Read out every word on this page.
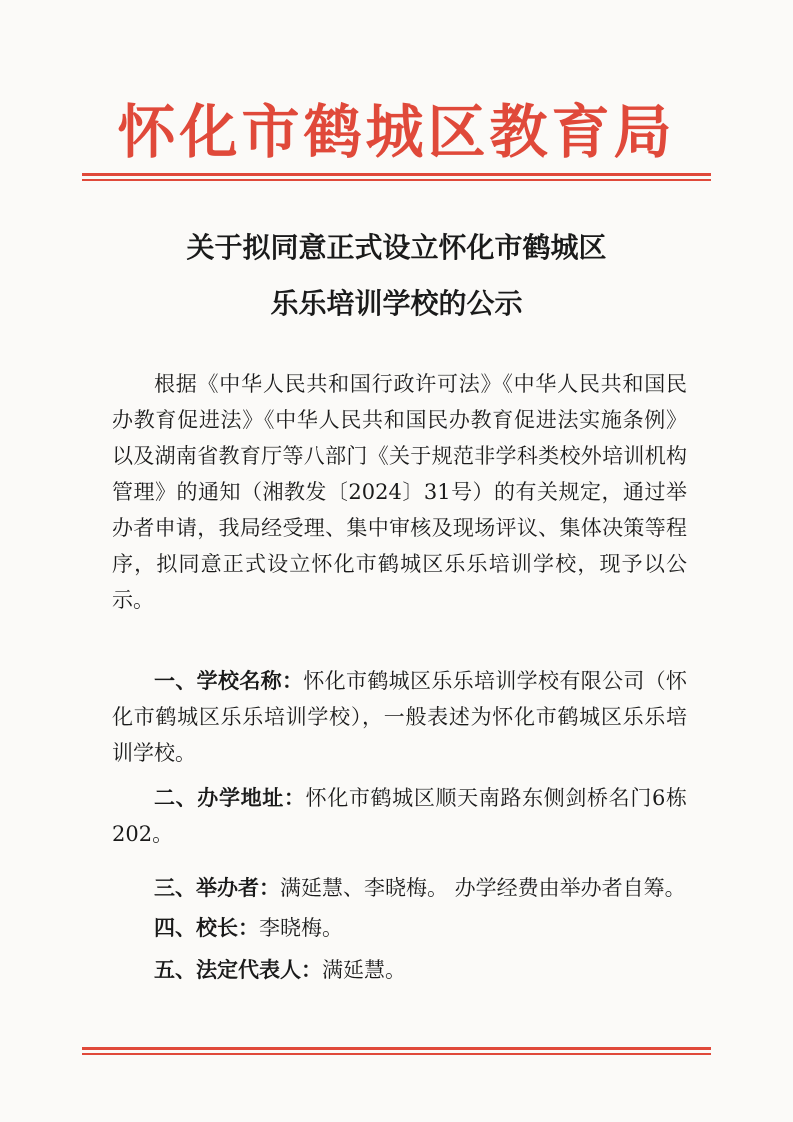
怀化市鹤城区教育局
关于拟同意正式设立怀化市鹤城区
乐乐培训学校的公示

根据《中华人民共和国行政许可法》《中华人民共和国民办教育促进法》《中华人民共和国民办教育促进法实施条例》以及湖南省教育厅等八部门《关于规范非学科类校外培训机构管理》的通知（湘教发〔2024〕31号）的有关规定，通过举办者申请，我局经受理、集中审核及现场评议、集体决策等程序，拟同意正式设立怀化市鹤城区乐乐培训学校，现予以公示。

一、学校名称：怀化市鹤城区乐乐培训学校有限公司（怀化市鹤城区乐乐培训学校），一般表述为怀化市鹤城区乐乐培训学校。

二、办学地址：怀化市鹤城区顺天南路东侧剑桥名门6栋202。

三、举办者：满延慧、李晓梅。 办学经费由举办者自筹。
四、校长：李晓梅。
五、法定代表人：满延慧。
